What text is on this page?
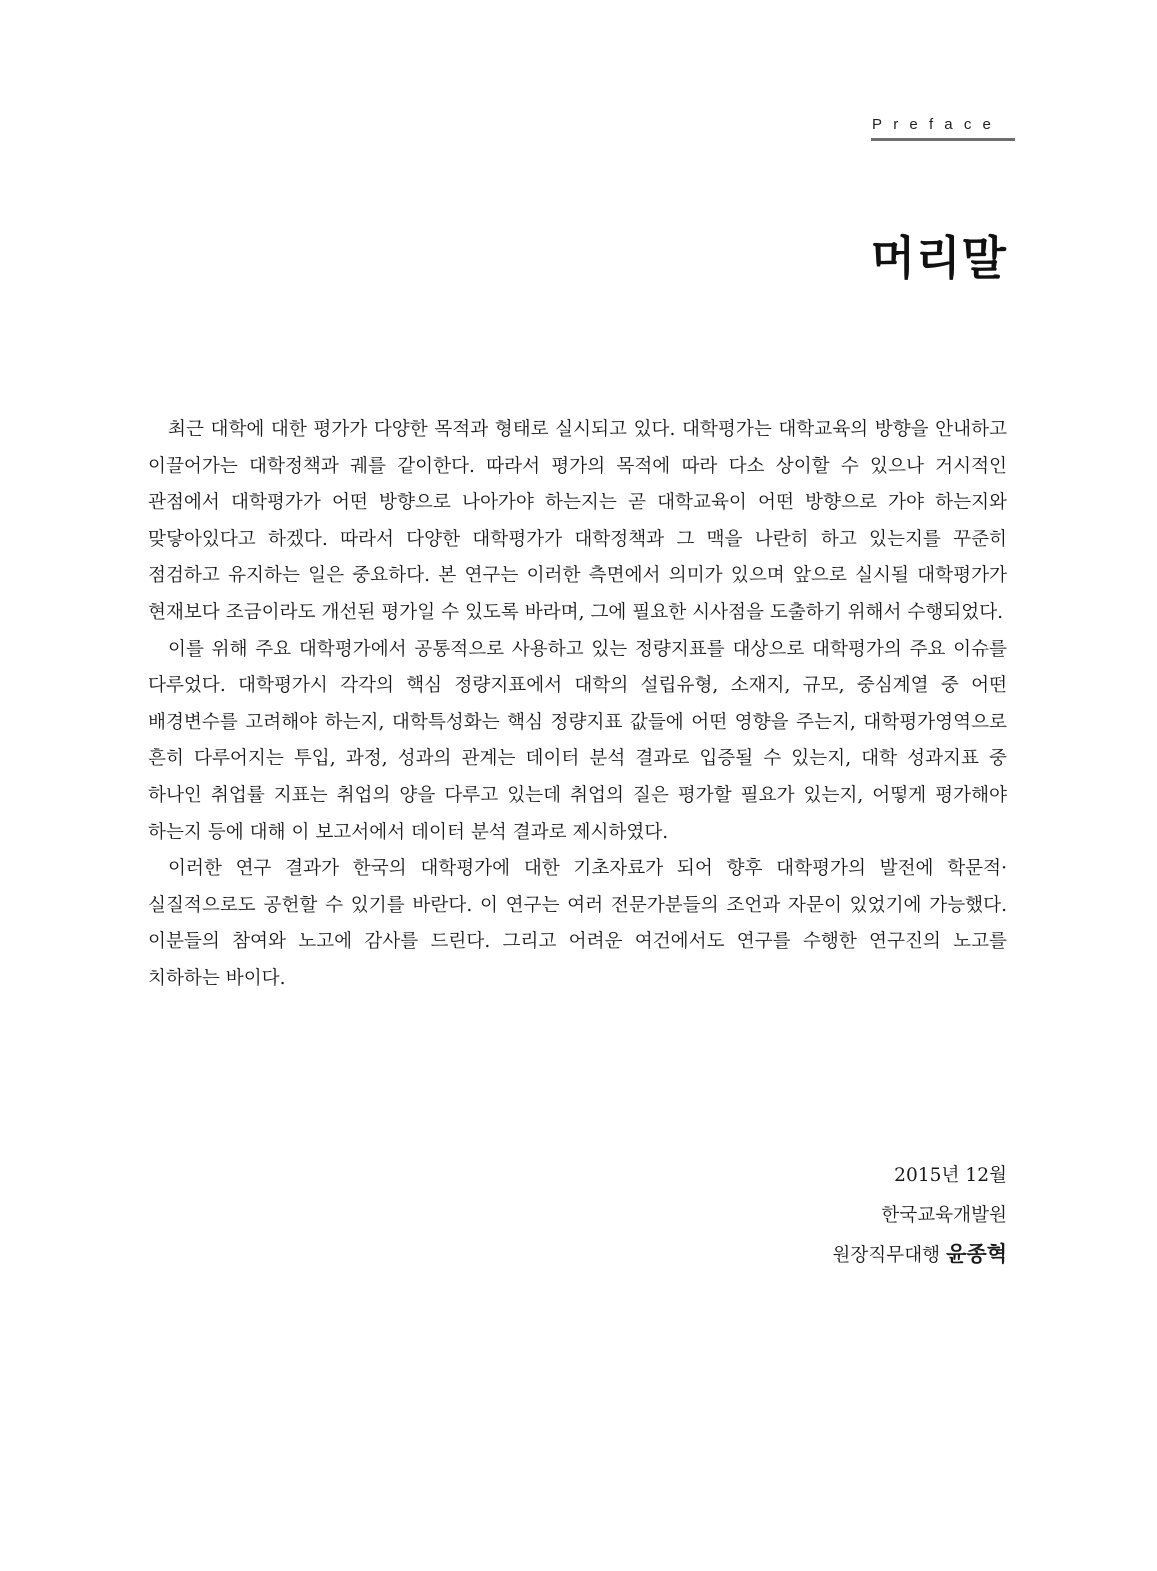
Preface
머리말

최근 대학에 대한 평가가 다양한 목적과 형태로 실시되고 있다. 대학평가는 대학교육의 방향을 안내하고 이끌어가는 대학정책과 궤를 같이한다. 따라서 평가의 목적에 따라 다소 상이할 수 있으나 거시적인 관점에서 대학평가가 어떤 방향으로 나아가야 하는지는 곧 대학교육이 어떤 방향으로 가야 하는지와 맞닿아있다고 하겠다. 따라서 다양한 대학평가가 대학정책과 그 맥을 나란히 하고 있는지를 꾸준히 점검하고 유지하는 일은 중요하다. 본 연구는 이러한 측면에서 의미가 있으며 앞으로 실시될 대학평가가 현재보다 조금이라도 개선된 평가일 수 있도록 바라며, 그에 필요한 시사점을 도출하기 위해서 수행되었다.

이를 위해 주요 대학평가에서 공통적으로 사용하고 있는 정량지표를 대상으로 대학평가의 주요 이슈를 다루었다. 대학평가시 각각의 핵심 정량지표에서 대학의 설립유형, 소재지, 규모, 중심계열 중 어떤 배경변수를 고려해야 하는지, 대학특성화는 핵심 정량지표 값들에 어떤 영향을 주는지, 대학평가영역으로 흔히 다루어지는 투입, 과정, 성과의 관계는 데이터 분석 결과로 입증될 수 있는지, 대학 성과지표 중 하나인 취업률 지표는 취업의 양을 다루고 있는데 취업의 질은 평가할 필요가 있는지, 어떻게 평가해야 하는지 등에 대해 이 보고서에서 데이터 분석 결과로 제시하였다.

이러한 연구 결과가 한국의 대학평가에 대한 기초자료가 되어 향후 대학평가의 발전에 학문적·실질적으로도 공헌할 수 있기를 바란다. 이 연구는 여러 전문가분들의 조언과 자문이 있었기에 가능했다. 이분들의 참여와 노고에 감사를 드린다. 그리고 어려운 여건에서도 연구를 수행한 연구진의 노고를 치하하는 바이다.

2015년 12월
한국교육개발원
원장직무대행 윤종혁
